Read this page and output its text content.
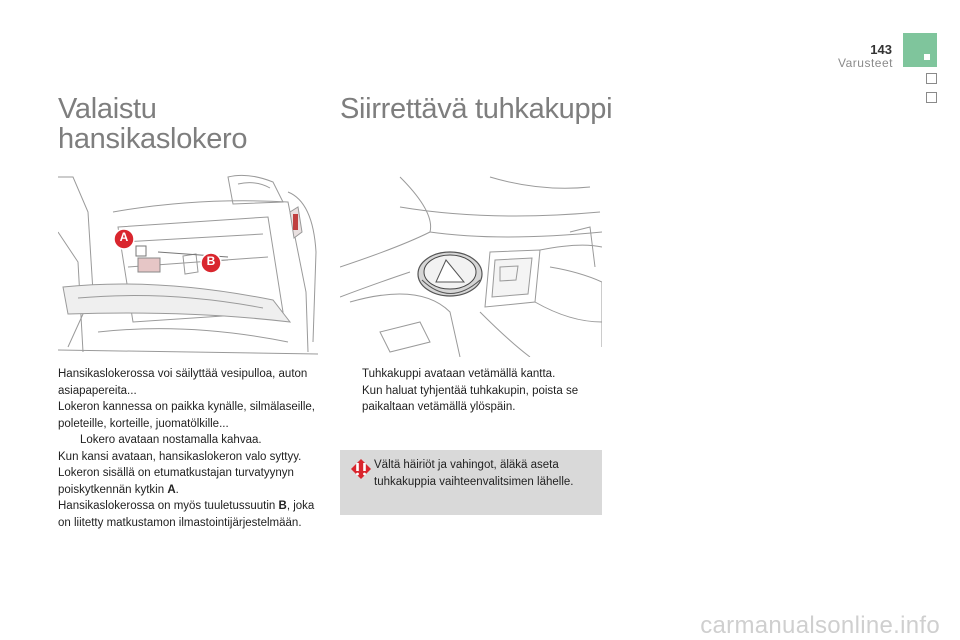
143
Varusteet
Valaistu
hansikaslokero
Siirrettävä tuhkakuppi
A
B

Hansikaslokerossa voi säilyttää vesipulloa, auton asiapapereita...

Lokeron kannessa on paikka kynälle, silmälaseille, poleteille, korteille, juomatölkille...

Lokero avataan nostamalla kahvaa.

Kun kansi avataan, hansikaslokeron valo syttyy.

Lokeron sisällä on etumatkustajan turvatyynyn poiskytkennän kytkin A.

Hansikaslokerossa on myös tuuletussuutin B, joka on liitetty matkustamon ilmastointijärjestelmään.

Tuhkakuppi avataan vetämällä kantta.
Kun haluat tyhjentää tuhkakupin, poista se paikaltaan vetämällä ylöspäin.
Vältä häiriöt ja vahingot, äläkä aseta tuhkakuppia vaihteenvalitsimen lähelle.
carmanualsonline.info
